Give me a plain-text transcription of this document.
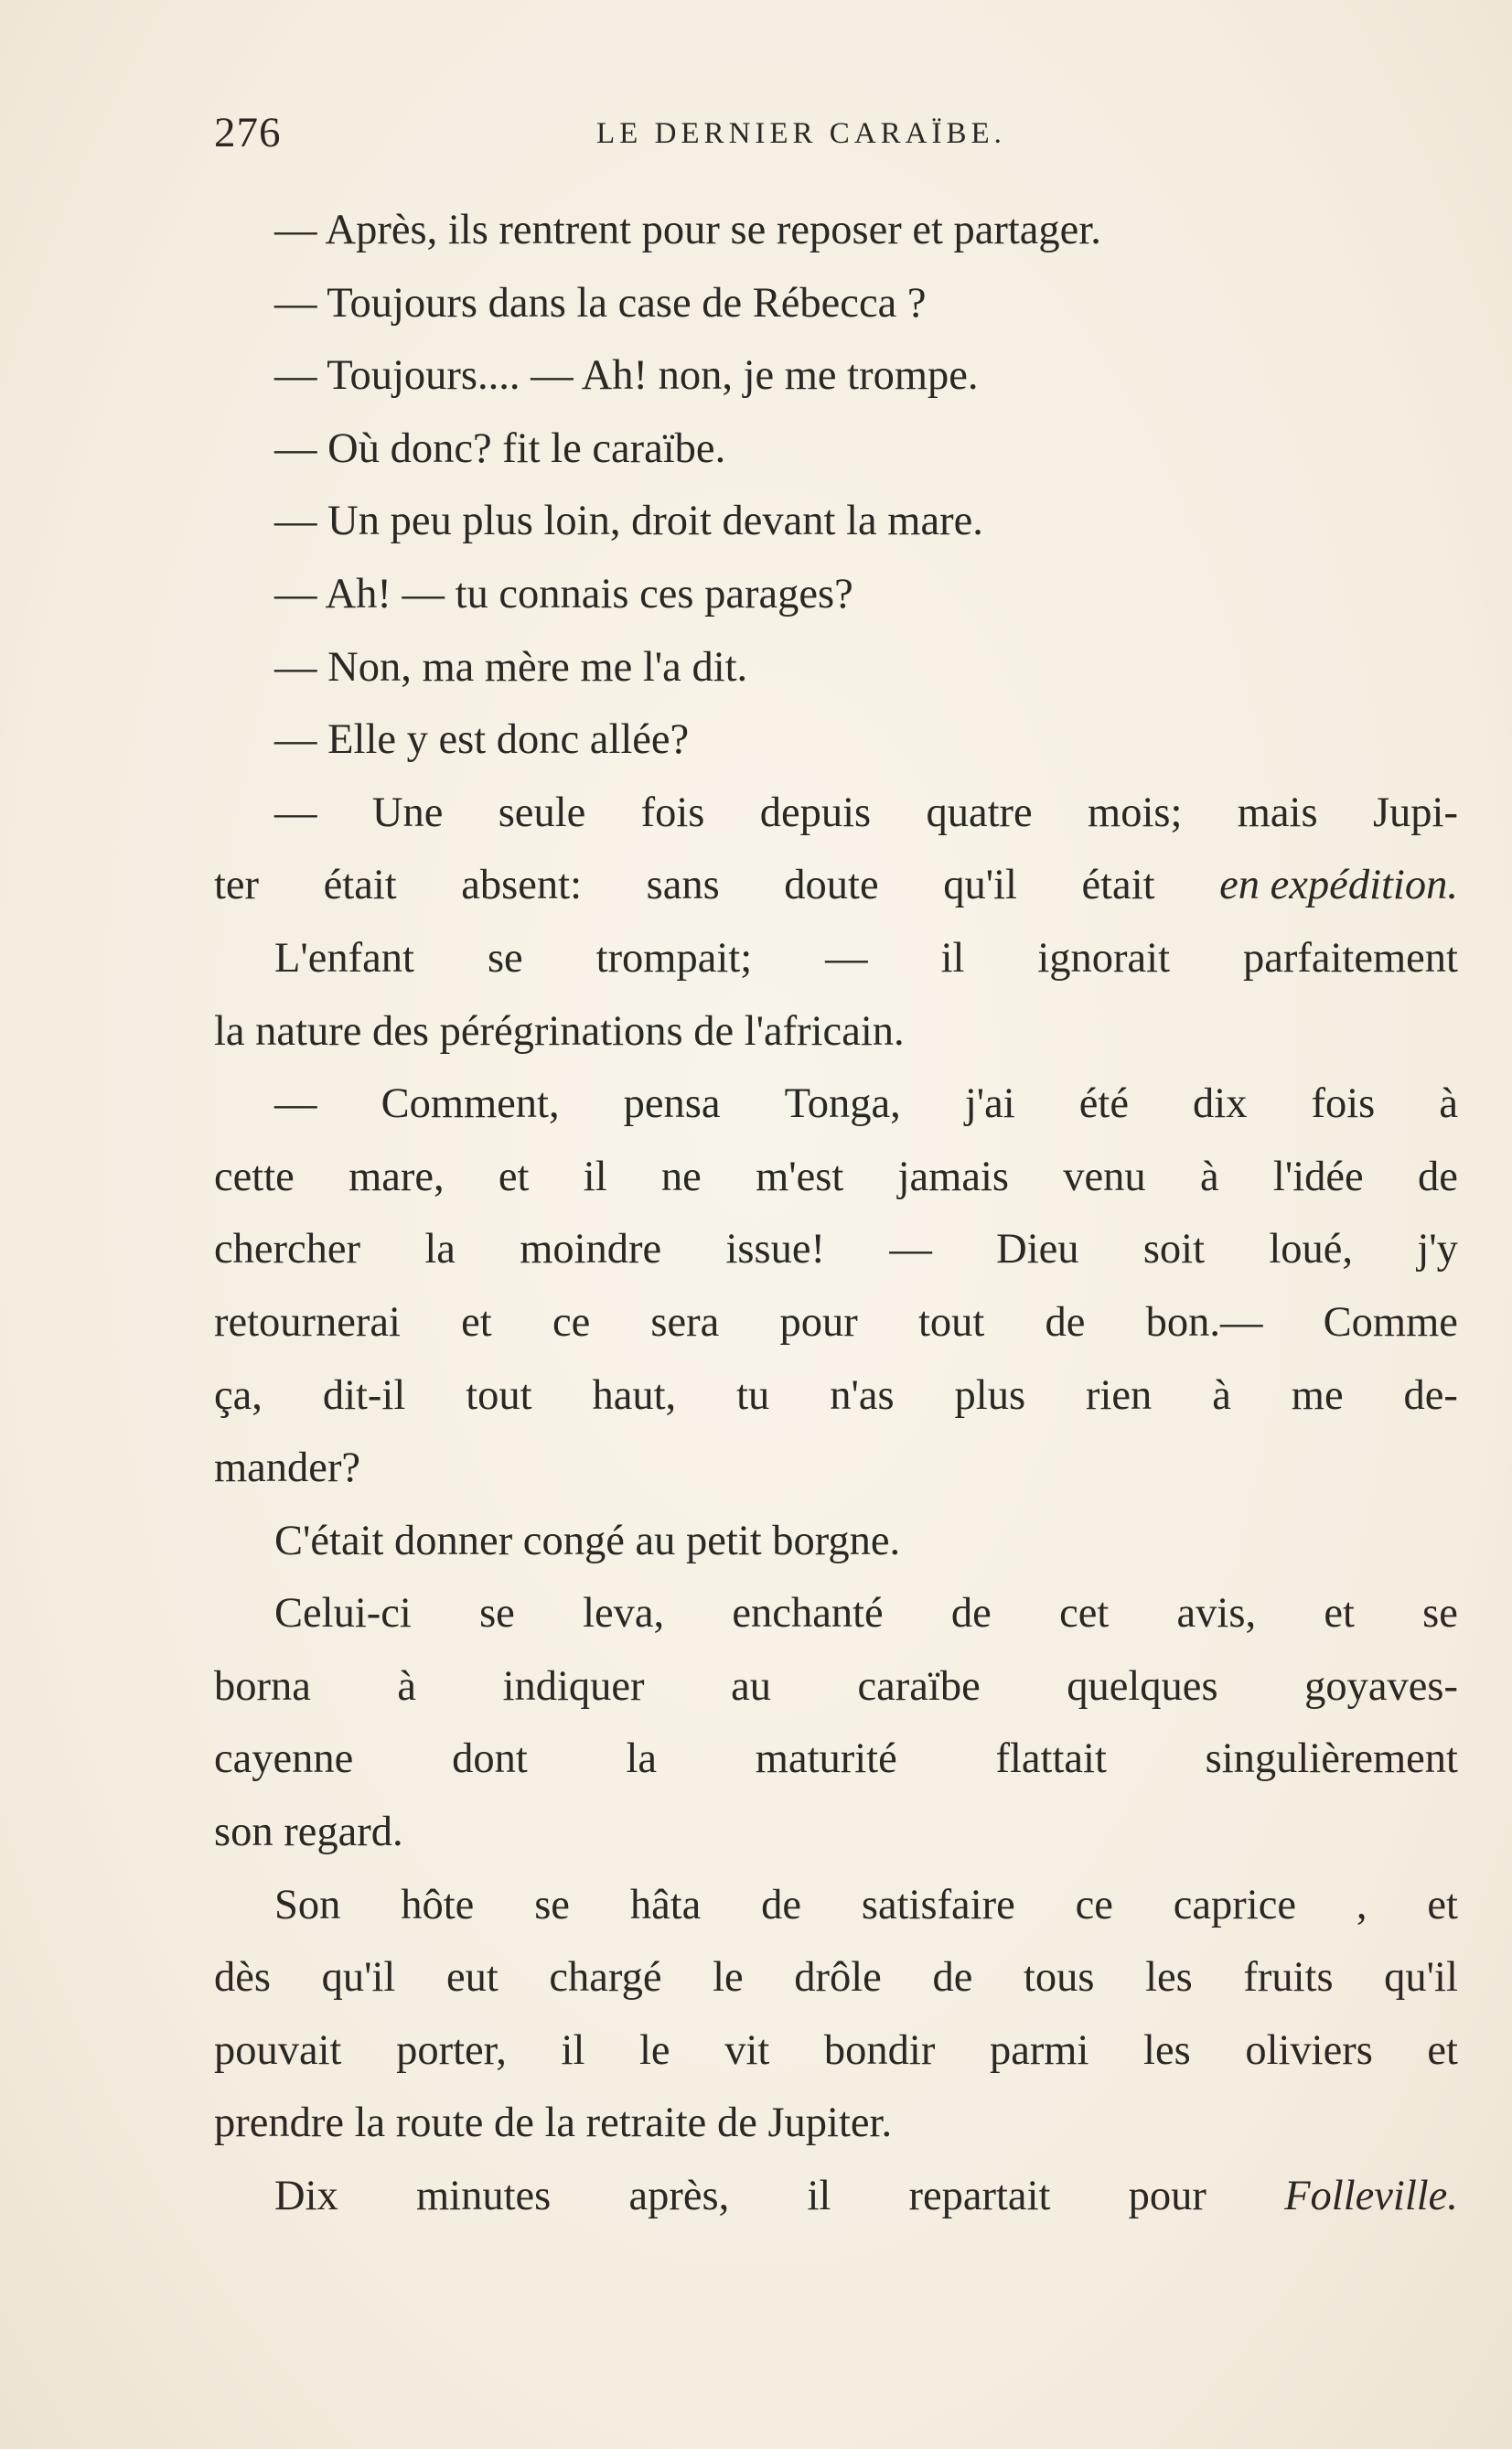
276	LE DERNIER CARAÏBE.
— Après, ils rentrent pour se reposer et partager.
— Toujours dans la case de Rébecca ?
— Toujours.... — Ah! non, je me trompe.
— Où donc? fit le caraïbe.
— Un peu plus loin, droit devant la mare.
— Ah! — tu connais ces parages?
— Non, ma mère me l'a dit.
— Elle y est donc allée?
— Une seule fois depuis quatre mois; mais Jupi-
ter était absent: sans doute qu'il était en expédition.
L'enfant se trompait; — il ignorait parfaitement
la nature des pérégrinations de l'africain.
— Comment, pensa Tonga, j'ai été dix fois à
cette mare, et il ne m'est jamais venu à l'idée de
chercher la moindre issue! — Dieu soit loué, j'y
retournerai et ce sera pour tout de bon.— Comme
ça, dit-il tout haut, tu n'as plus rien à me de-
mander?
C'était donner congé au petit borgne.
Celui-ci se leva, enchanté de cet avis, et se
borna à indiquer au caraïbe quelques goyaves-
cayenne dont la maturité flattait singulièrement
son regard.
Son hôte se hâta de satisfaire ce caprice , et
dès qu'il eut chargé le drôle de tous les fruits qu'il
pouvait porter, il le vit bondir parmi les oliviers et
prendre la route de la retraite de Jupiter.
Dix minutes après, il repartait pour Folleville.
